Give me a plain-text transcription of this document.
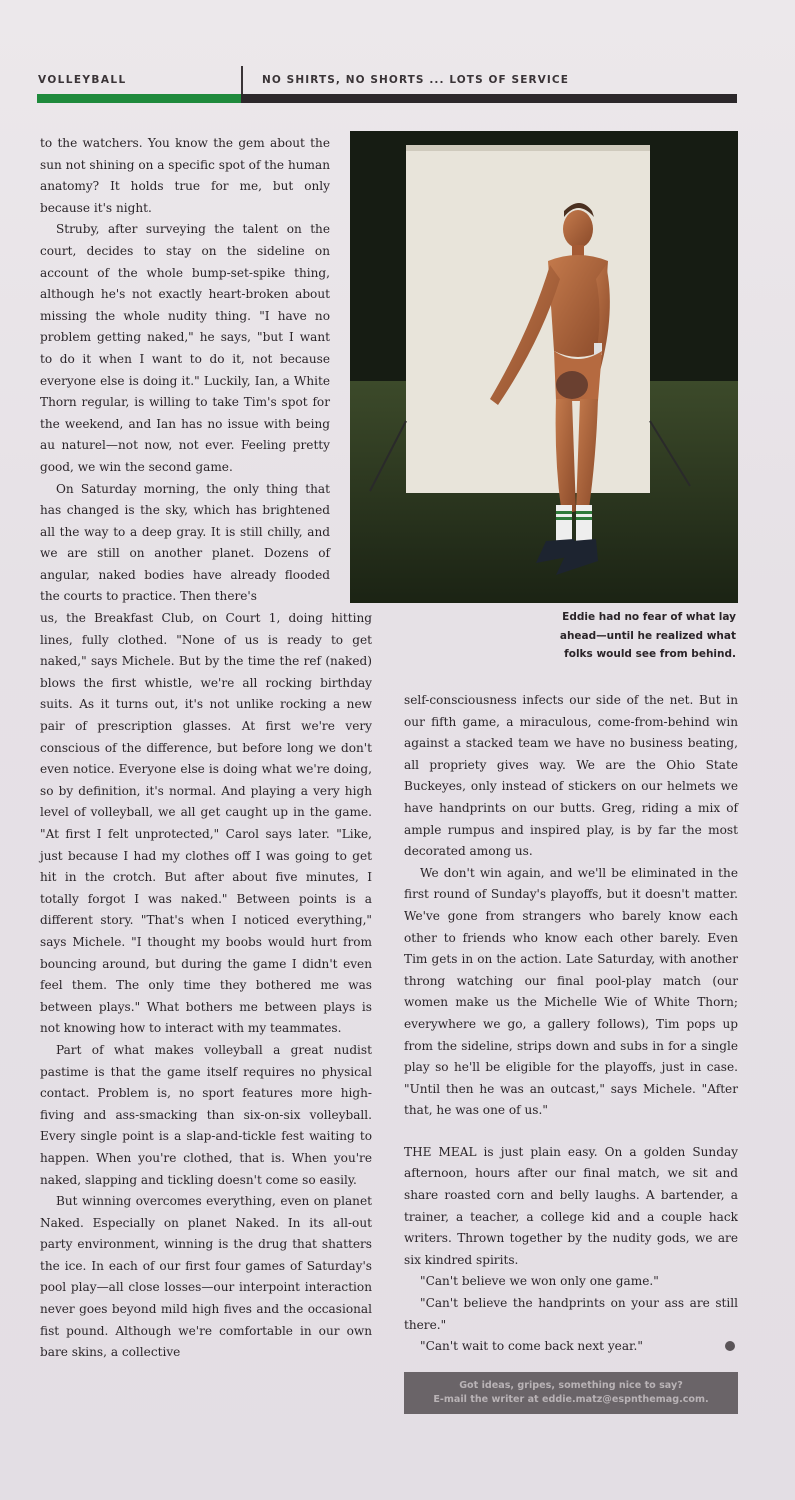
VOLLEYBALL	NO SHIRTS, NO SHORTS ... LOTS OF SERVICE

to the watchers. You know the gem about the sun not shining on a specific spot of the human anatomy? It holds true for me, but only because it's night.

Struby, after surveying the talent on the court, decides to stay on the sideline on account of the whole bump-set-spike thing, although he's not exactly heart-broken about missing the whole nudity thing. "I have no problem getting naked," he says, "but I want to do it when I want to do it, not because everyone else is doing it." Luckily, Ian, a White Thorn regular, is willing to take Tim's spot for the weekend, and Ian has no issue with being au naturel—not now, not ever. Feeling pretty good, we win the second game.

On Saturday morning, the only thing that has changed is the sky, which has brightened all the way to a deep gray. It is still chilly, and we are still on another planet. Dozens of angular, naked bodies have already flooded the courts to practice. Then there's

us, the Breakfast Club, on Court 1, doing hitting lines, fully clothed. "None of us is ready to get naked," says Michele. But by the time the ref (naked) blows the first whistle, we're all rocking birthday suits. As it turns out, it's not unlike rocking a new pair of prescription glasses. At first we're very conscious of the difference, but before long we don't even notice. Everyone else is doing what we're doing, so by definition, it's normal. And playing a very high level of volleyball, we all get caught up in the game. "At first I felt unprotected," Carol says later. "Like, just because I had my clothes off I was going to get hit in the crotch. But after about five minutes, I totally forgot I was naked." Between points is a different story. "That's when I noticed everything," says Michele. "I thought my boobs would hurt from bouncing around, but during the game I didn't even feel them. The only time they bothered me was between plays." What bothers me between plays is not knowing how to interact with my teammates.

Part of what makes volleyball a great nudist pastime is that the game itself requires no physical contact. Problem is, no sport features more high-fiving and ass-smacking than six-on-six volleyball. Every single point is a slap-and-tickle fest waiting to happen. When you're clothed, that is. When you're naked, slapping and tickling doesn't come so easily.

But winning overcomes everything, even on planet Naked. Especially on planet Naked. In its all-out party environment, winning is the drug that shatters the ice. In each of our first four games of Saturday's pool play—all close losses—our interpoint interaction never goes beyond mild high fives and the occasional fist pound. Although we're comfortable in our own bare skins, a collective

Eddie had no fear of what lay
ahead—until he realized what
folks would see from behind.

self-consciousness infects our side of the net. But in our fifth game, a miraculous, come-from-behind win against a stacked team we have no business beating, all propriety gives way. We are the Ohio State Buckeyes, only instead of stickers on our helmets we have handprints on our butts. Greg, riding a mix of ample rumpus and inspired play, is by far the most decorated among us.

We don't win again, and we'll be eliminated in the first round of Sunday's playoffs, but it doesn't matter. We've gone from strangers who barely know each other to friends who know each other barely. Even Tim gets in on the action. Late Saturday, with another throng watching our final pool-play match (our women make us the Michelle Wie of White Thorn; everywhere we go, a gallery follows), Tim pops up from the sideline, strips down and subs in for a single play so he'll be eligible for the playoffs, just in case. "Until then he was an outcast," says Michele. "After that, he was one of us."

THE MEAL is just plain easy. On a golden Sunday afternoon, hours after our final match, we sit and share roasted corn and belly laughs. A bartender, a trainer, a teacher, a college kid and a couple hack writers. Thrown together by the nudity gods, we are six kindred spirits.

"Can't believe we won only one game."

"Can't believe the handprints on your ass are still there."

"Can't wait to come back next year."

Got ideas, gripes, something nice to say?
E-mail the writer at eddie.matz@espnthemag.com.
